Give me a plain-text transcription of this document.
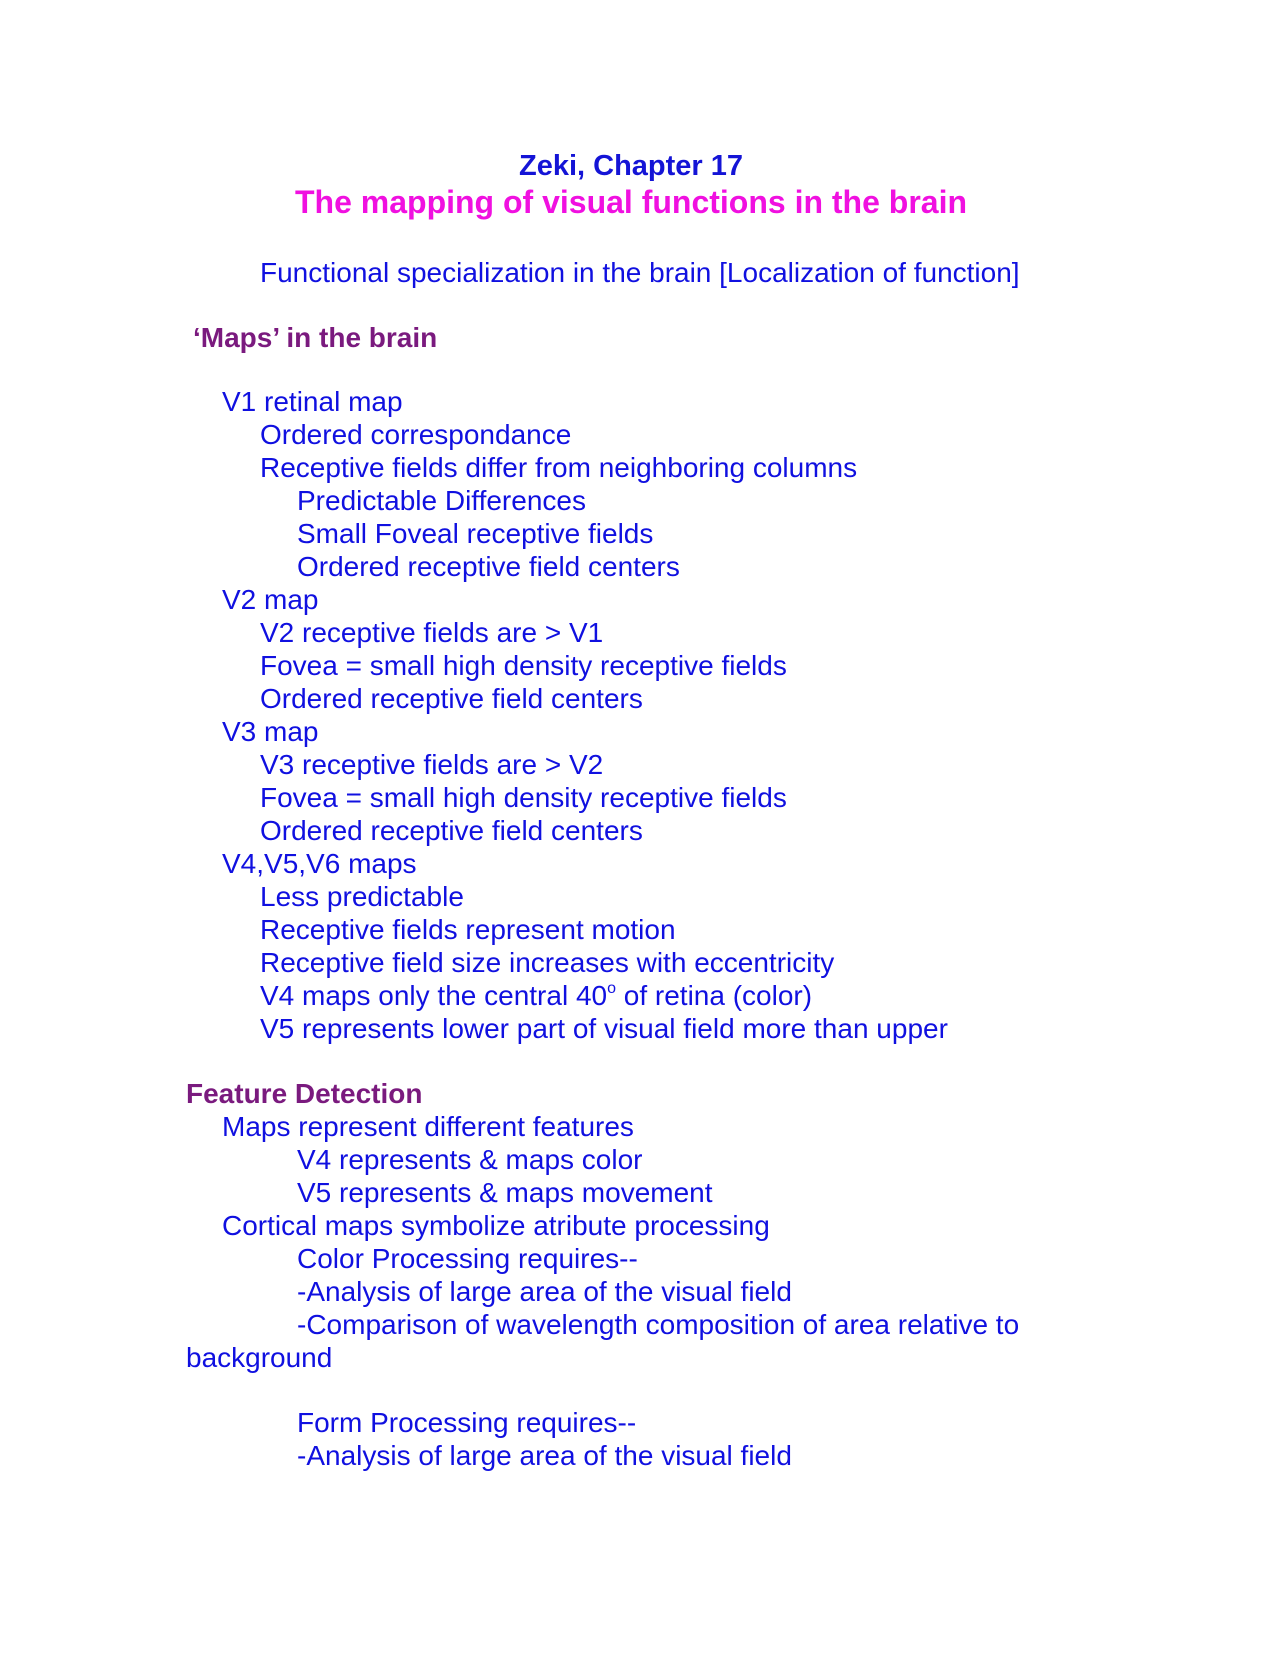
Zeki, Chapter 17
The mapping of visual functions in the brain
Functional specialization in the brain [Localization of function]
‘Maps’ in the brain
V1 retinal map
Ordered correspondance
Receptive fields differ from neighboring columns
Predictable Differences
Small Foveal receptive fields
Ordered receptive field centers
V2 map
V2 receptive fields are > V1
Fovea = small high density receptive fields
Ordered receptive field centers
V3 map
V3 receptive fields are > V2
Fovea = small high density receptive fields
Ordered receptive field centers
V4,V5,V6 maps
Less predictable
Receptive fields represent motion
Receptive field size increases with eccentricity
V4 maps only the central 40$^o$ of retina (color)
V5 represents lower part of visual field more than upper
Feature Detection
Maps represent different features
V4 represents & maps color
V5 represents & maps movement
Cortical maps symbolize atribute processing
Color Processing requires--
-Analysis of large area of the visual field
-Comparison of wavelength composition of area relative to
background
Form Processing requires--
-Analysis of large area of the visual field
